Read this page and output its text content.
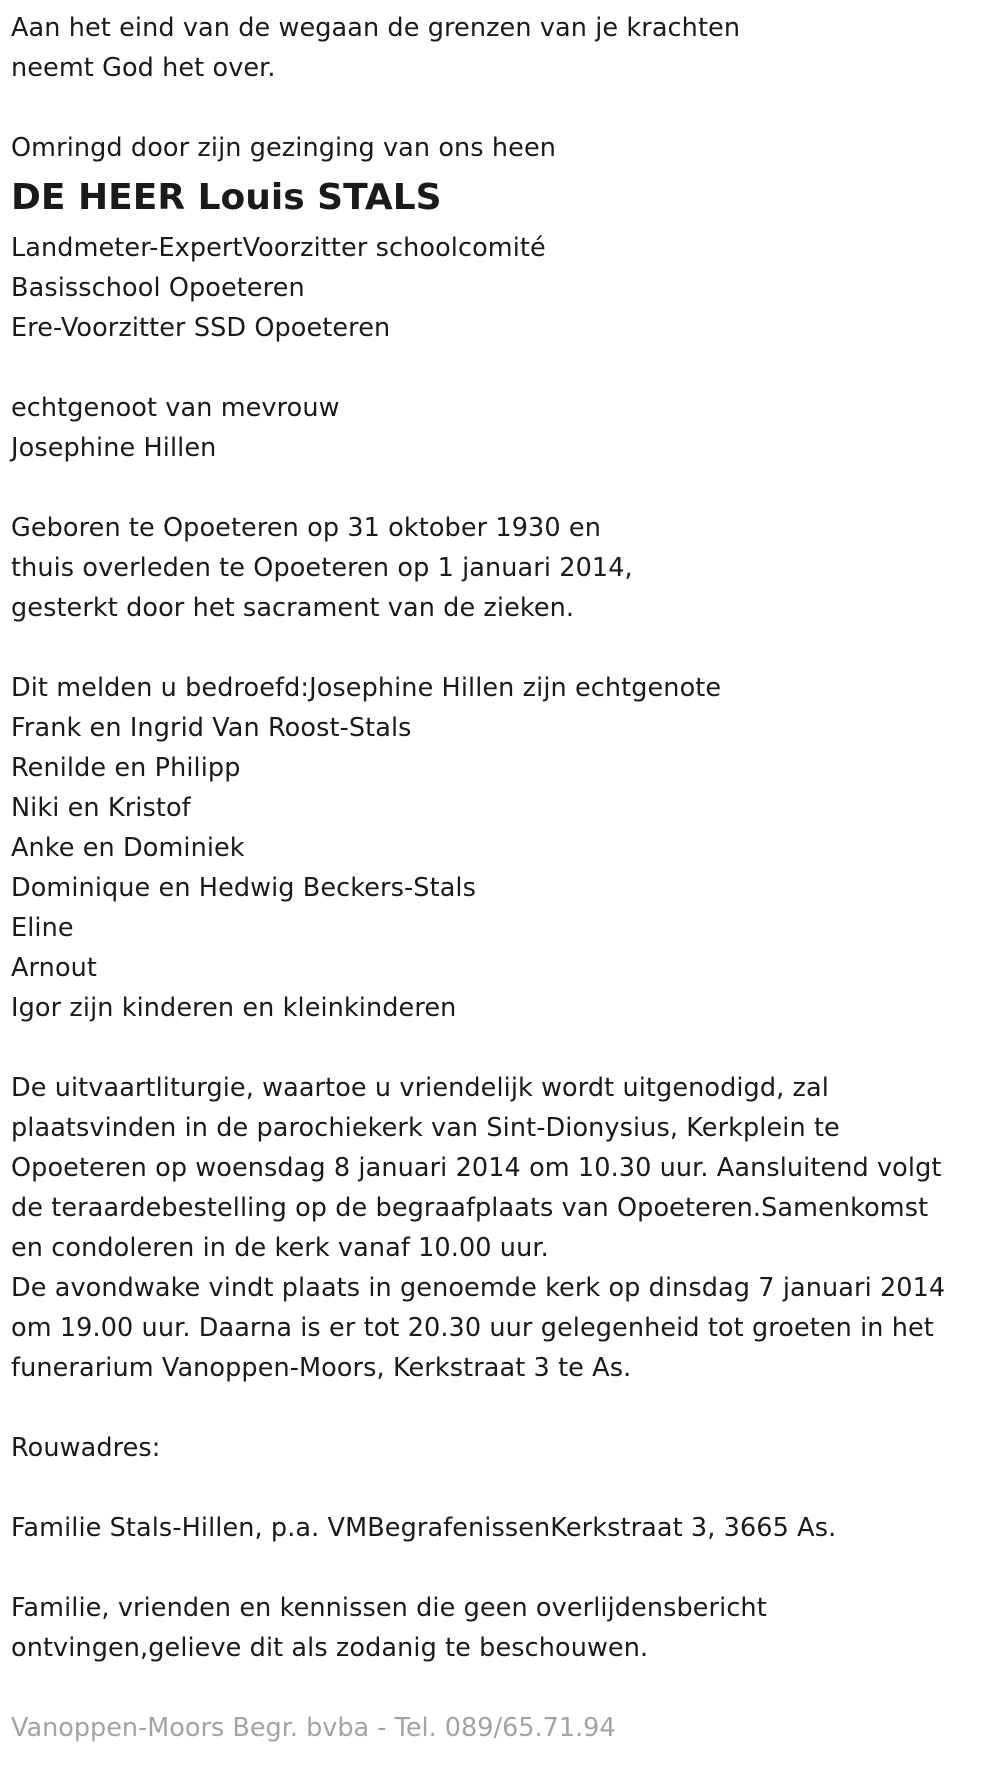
Aan het eind van de wegaan de grenzen van je krachten
neemt God het over.
Omringd door zijn gezinging van ons heen
DE HEER Louis STALS
Landmeter-ExpertVoorzitter schoolcomité
Basisschool Opoeteren
Ere-Voorzitter SSD Opoeteren
echtgenoot van mevrouw
Josephine Hillen
Geboren te Opoeteren op 31 oktober 1930 en
thuis overleden te Opoeteren op 1 januari 2014,
gesterkt door het sacrament van de zieken.
Dit melden u bedroefd:Josephine Hillen zijn echtgenote
Frank en Ingrid Van Roost-Stals
Renilde en Philipp
Niki en Kristof
Anke en Dominiek
Dominique en Hedwig Beckers-Stals
Eline
Arnout
Igor zijn kinderen en kleinkinderen
De uitvaartliturgie, waartoe u vriendelijk wordt uitgenodigd, zal
plaatsvinden in de parochiekerk van Sint-Dionysius, Kerkplein te
Opoeteren op woensdag 8 januari 2014 om 10.30 uur. Aansluitend volgt
de teraardebestelling op de begraafplaats van Opoeteren.Samenkomst
en condoleren in de kerk vanaf 10.00 uur.
De avondwake vindt plaats in genoemde kerk op dinsdag 7 januari 2014
om 19.00 uur. Daarna is er tot 20.30 uur gelegenheid tot groeten in het
funerarium Vanoppen-Moors, Kerkstraat 3 te As.
Rouwadres:
Familie Stals-Hillen, p.a. VMBegrafenissenKerkstraat 3, 3665 As.
Familie, vrienden en kennissen die geen overlijdensbericht
ontvingen,gelieve dit als zodanig te beschouwen.
Vanoppen-Moors Begr. bvba - Tel. 089/65.71.94
